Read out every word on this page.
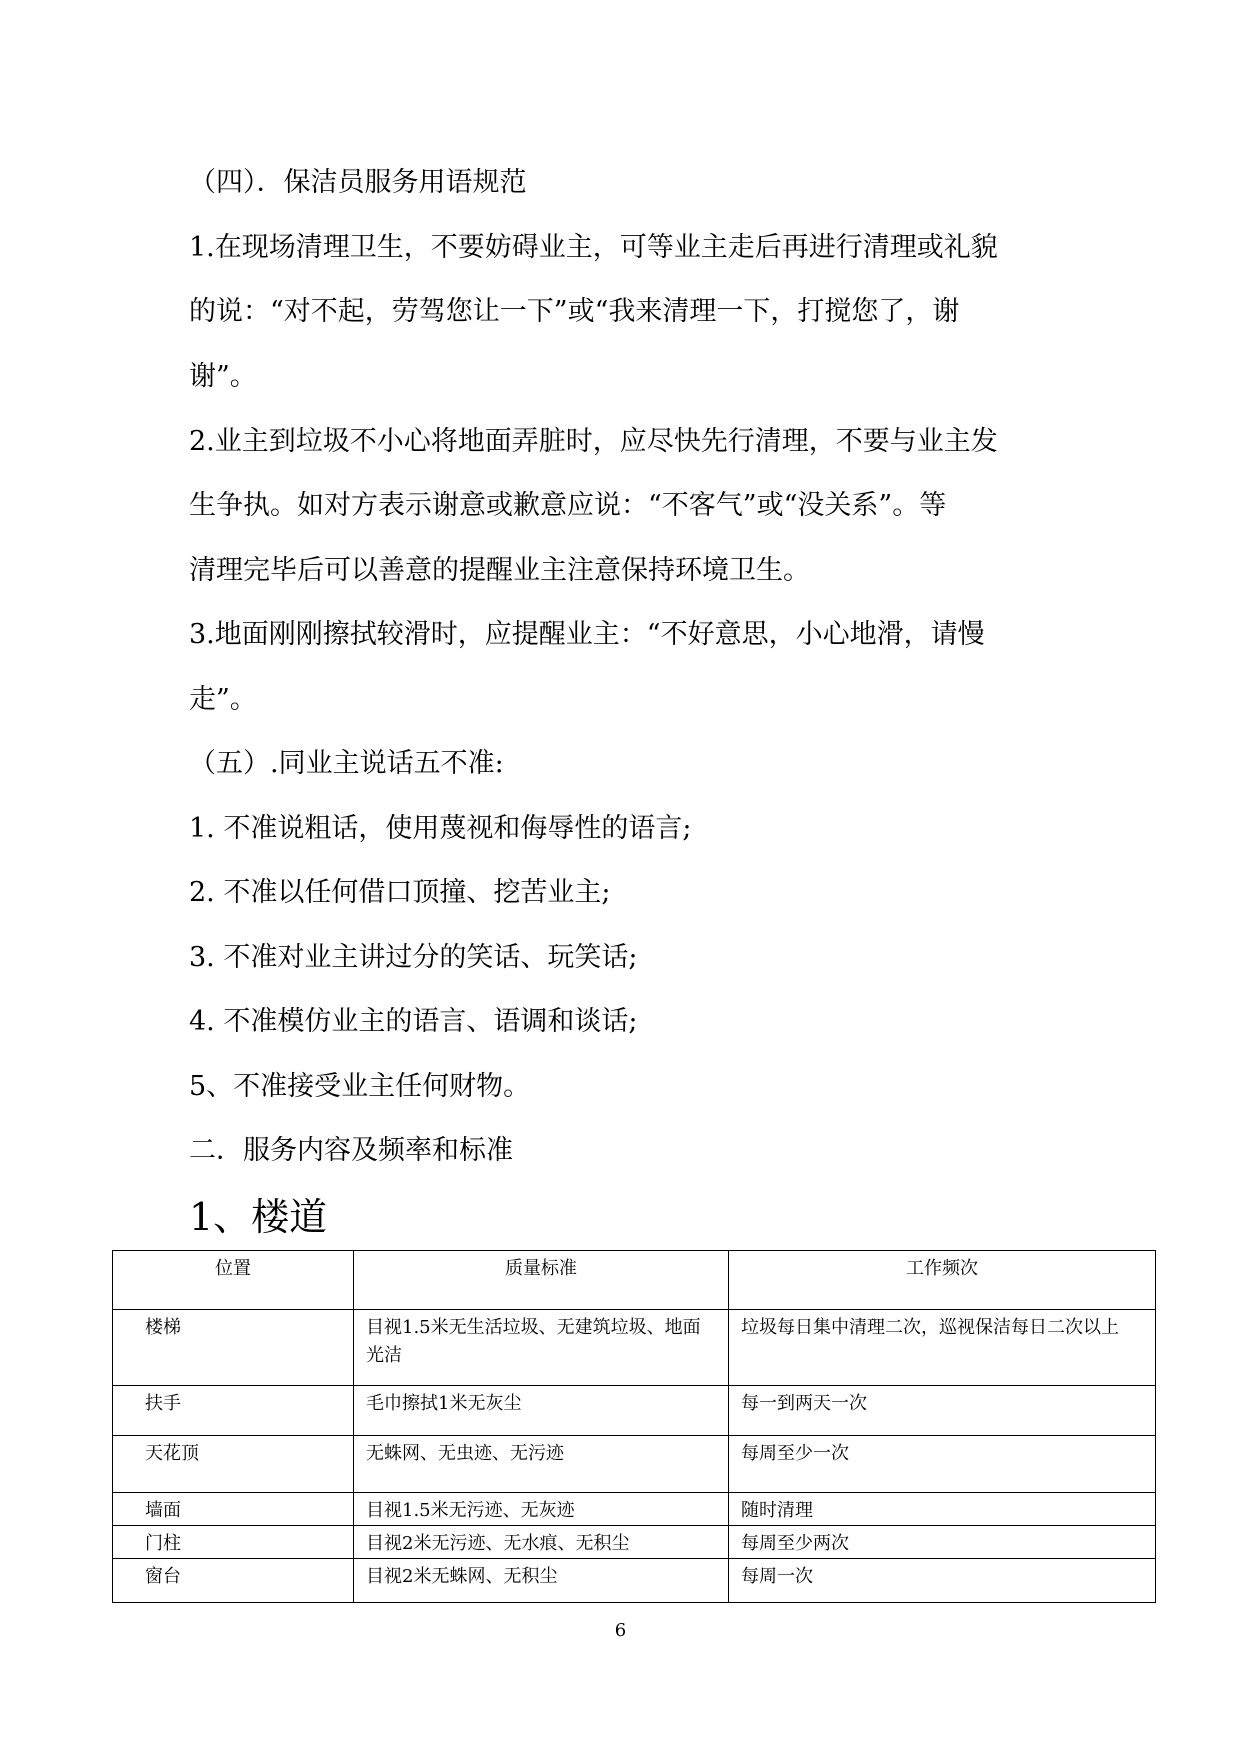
（四）．保洁员服务用语规范

1.在现场清理卫生，不要妨碍业主，可等业主走后再进行清理或礼貌

的说：“对不起，劳驾您让一下”或“我来清理一下，打搅您了，谢

谢”。

2.业主到垃圾不小心将地面弄脏时，应尽快先行清理，不要与业主发

生争执。如对方表示谢意或歉意应说：“不客气”或“没关系”。等

清理完毕后可以善意的提醒业主注意保持环境卫生。

3.地面刚刚擦拭较滑时，应提醒业主：“不好意思，小心地滑，请慢

走”。

（五）.同业主说话五不准:

1. 不准说粗话，使用蔑视和侮辱性的语言;

2. 不准以任何借口顶撞、挖苦业主;

3. 不准对业主讲过分的笑话、玩笑话;

4. 不准模仿业主的语言、语调和谈话;

5、不准接受业主任何财物。

二．服务内容及频率和标准

1、楼道

位置	质量标准	工作频次
楼梯	目视1.5米无生活垃圾、无建筑垃圾、地面光洁	垃圾每日集中清理二次，巡视保洁每日二次以上
扶手	毛巾擦拭1米无灰尘	每一到两天一次
天花顶	无蛛网、无虫迹、无污迹	每周至少一次
墙面	目视1.5米无污迹、无灰迹	随时清理
门柱	目视2米无污迹、无水痕、无积尘	每周至少两次
窗台	目视2米无蛛网、无积尘	每周一次
6
